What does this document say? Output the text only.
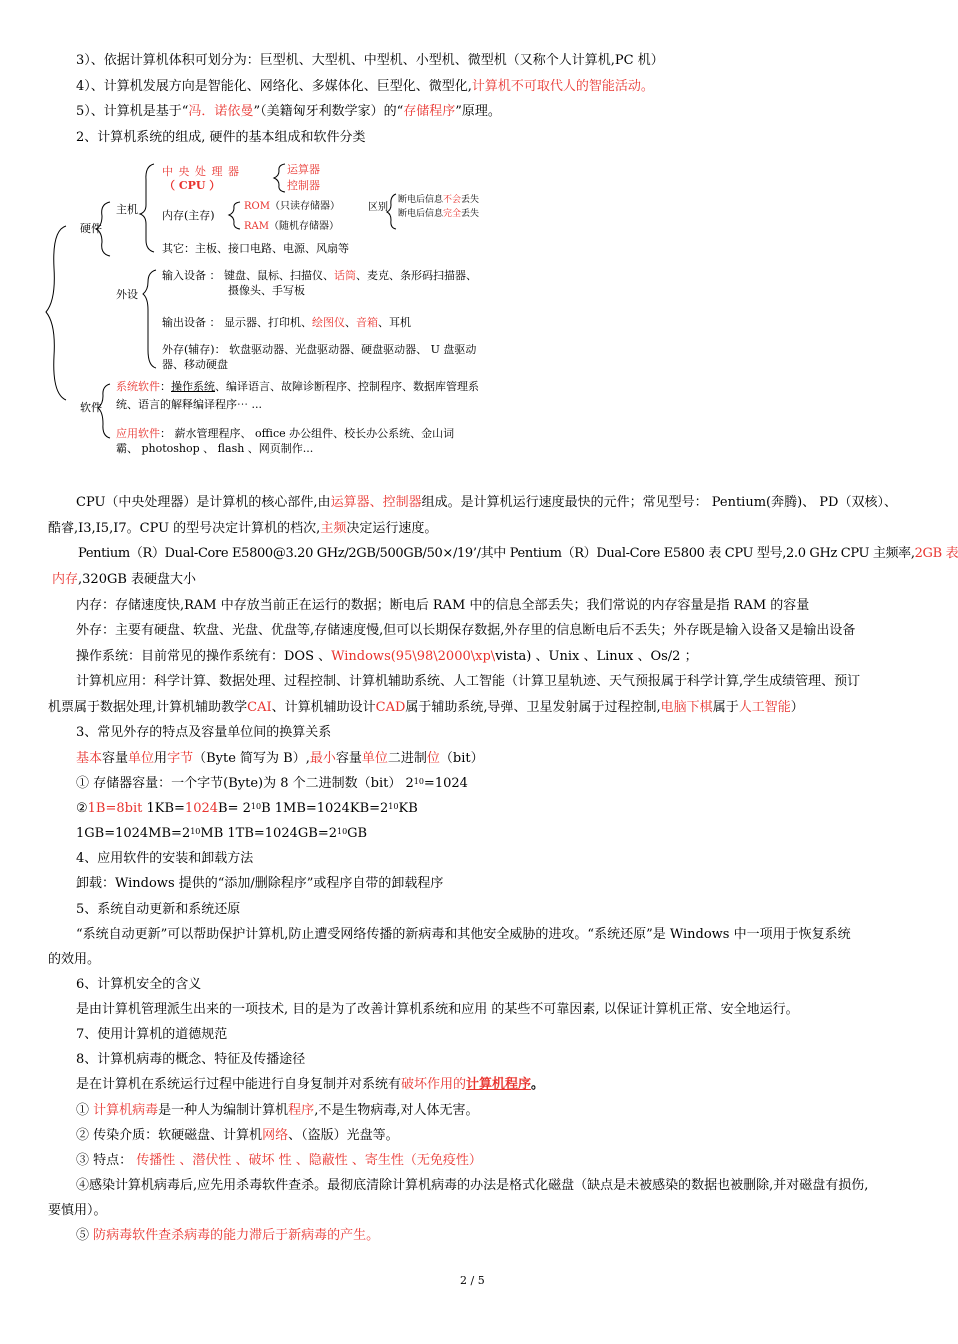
3）、依据计算机体积可划分为：巨型机、大型机、中型机、小型机、微型机（又称个人计算机,PC 机）
4）、计算机发展方向是智能化、网络化、多媒体化、巨型化、微型化,计算机不可取代人的智能活动。
5）、计算机是基于“冯．诺依曼”（美籍匈牙利数学家）的“存储程序”原理。
2、计算机系统的组成, 硬件的基本组成和软件分类
硬件
主机
中 央 处 理 器
（ CPU ）
运算器
控制器
内存(主存)
ROM（只读存储器）
RAM（随机存储器）
区别
断电后信息不会丢失
断电后信息完全丢失
其它：主板、接口电路、电源、风扇等
外设
输入设备 ： 键盘、鼠标、扫描仪、话筒、麦克、条形码扫描器、
摄像头、手写板
输出设备 ： 显示器、打印机、绘图仪、音箱、耳机
外存(辅存)： 软盘驱动器、光盘驱动器、硬盘驱动器、 U 盘驱动
器、移动硬盘
软件
系统软件：操作系统、编译语言、故障诊断程序、控制程序、数据库管理系
统、语言的解释编译程序⋯ ...
应用软件： 薪水管理程序、 office 办公组件、校长办公系统、金山词
霸、 photoshop 、 flash 、网页制作...
CPU（中央处理器）是计算机的核心部件,由运算器、控制器组成。是计算机运行速度最快的元件；常见型号： Pentium(奔腾)、 PD（双核）、
酷睿,I3,I5,I7。CPU 的型号决定计算机的档次,主频决定运行速度。
Pentium（R）Dual-Core E5800@3.20 GHz/2GB/500GB/50×/19’/其中 Pentium（R）Dual-Core E5800 表 CPU 型号,2.0 GHz CPU 主频率,2GB 表
内存,320GB 表硬盘大小
内存：存储速度快,RAM 中存放当前正在运行的数据；断电后 RAM 中的信息全部丢失；我们常说的内存容量是指 RAM 的容量
外存：主要有硬盘、软盘、光盘、优盘等,存储速度慢,但可以长期保存数据,外存里的信息断电后不丢失；外存既是输入设备又是输出设备
操作系统：目前常见的操作系统有：DOS 、Windows(95\98\2000\xp\vista) 、Unix 、Linux 、Os/2 ；
计算机应用：科学计算、数据处理、过程控制、计算机辅助系统、人工智能（计算卫星轨迹、天气预报属于科学计算,学生成绩管理、预订
机票属于数据处理,计算机辅助教学CAI、计算机辅助设计CAD属于辅助系统,导弹、卫星发射属于过程控制,电脑下棋属于人工智能）
3、常见外存的特点及容量单位间的换算关系
基本容量单位用字节（Byte 简写为 B）,最小容量单位二进制位（bit）
① 存储器容量：一个字节(Byte)为 8 个二进制数（bit） $2^{10}=1024$
②1B=8bit $1KB=1024B= 2^{10}B$ $1MB=1024KB=2^{10}KB$
$1GB=1024MB=2^{10}MB$ $1TB=1024GB=2^{10}GB$
4、应用软件的安装和卸载方法
卸载：Windows 提供的“添加/删除程序”或程序自带的卸载程序
5、系统自动更新和系统还原
“系统自动更新”可以帮助保护计算机,防止遭受网络传播的新病毒和其他安全威胁的进攻。“系统还原”是 Windows 中一项用于恢复系统
的效用。
6、计算机安全的含义
是由计算机管理派生出来的一项技术, 目的是为了改善计算机系统和应用 的某些不可靠因素, 以保证计算机正常、安全地运行。
7、使用计算机的道德规范
8、计算机病毒的概念、特征及传播途径
是在计算机在系统运行过程中能进行自身复制并对系统有破坏作用的计算机程序。
① 计算机病毒是一种人为编制计算机程序,不是生物病毒,对人体无害。
② 传染介质：软硬磁盘、计算机网络、（盗版）光盘等。
③ 特点： 传播性 、潜伏性 、破坏 性 、隐蔽性 、寄生性（无免疫性）
④感染计算机病毒后,应先用杀毒软件查杀。最彻底清除计算机病毒的办法是格式化磁盘（缺点是未被感染的数据也被删除,并对磁盘有损伤,
要慎用）。
⑤ 防病毒软件查杀病毒的能力滞后于新病毒的产生。
2 / 5
